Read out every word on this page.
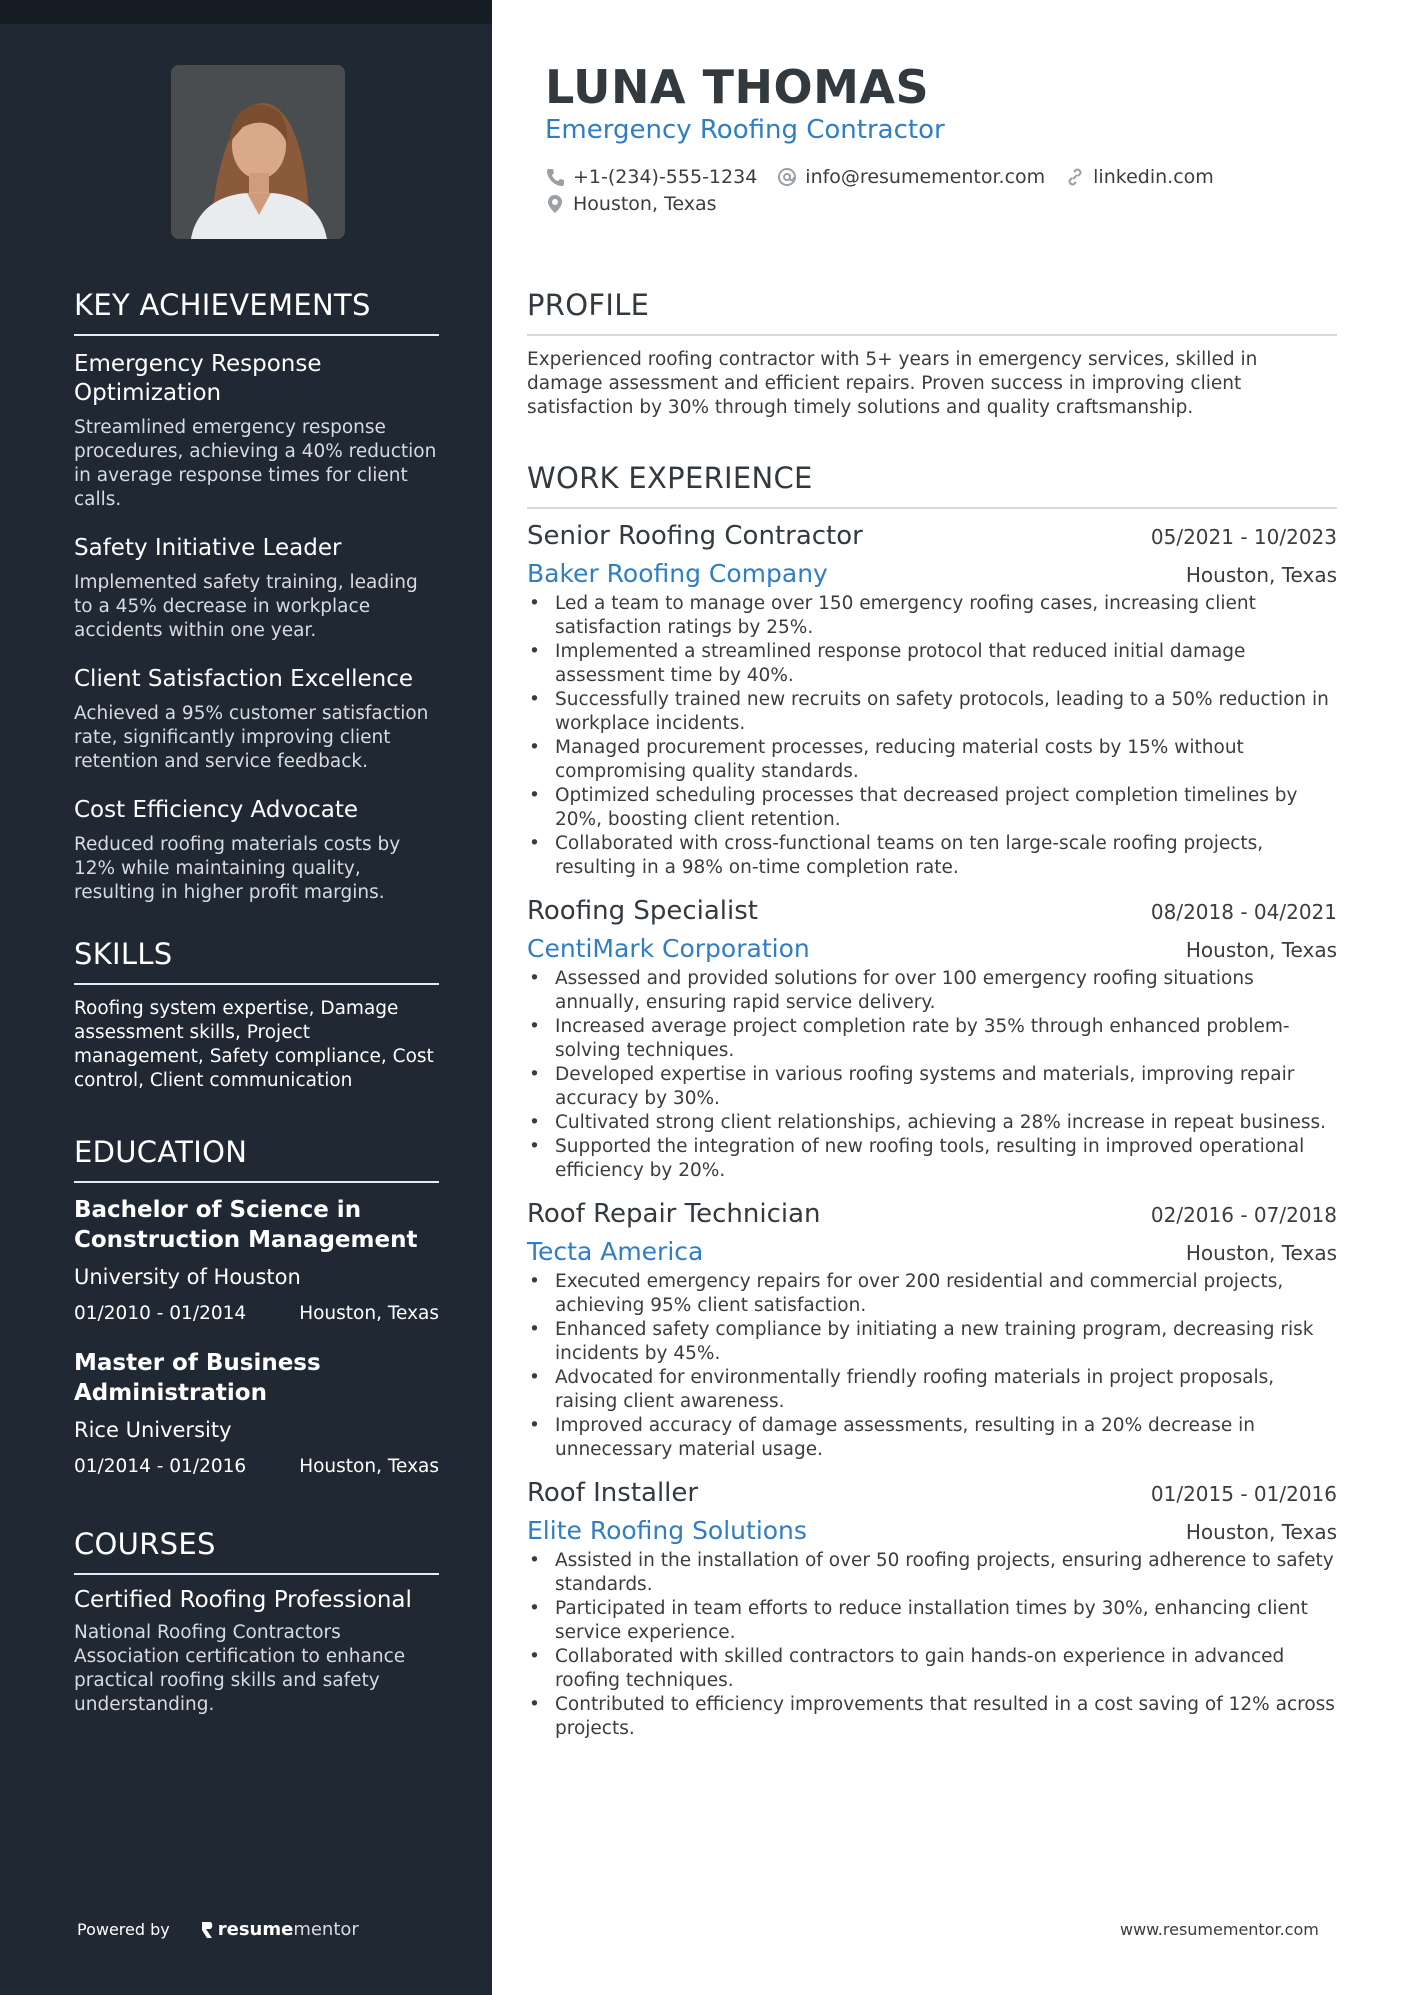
KEY ACHIEVEMENTS
Emergency Response Optimization
Streamlined emergency response procedures, achieving a 40% reduction in average response times for client calls.
Safety Initiative Leader
Implemented safety training, leading to a 45% decrease in workplace accidents within one year.
Client Satisfaction Excellence
Achieved a 95% customer satisfaction rate, significantly improving client retention and service feedback.
Cost Efficiency Advocate
Reduced roofing materials costs by 12% while maintaining quality, resulting in higher profit margins.
SKILLS
Roofing system expertise, Damage assessment skills, Project management, Safety compliance, Cost control, Client communication
EDUCATION
Bachelor of Science in Construction Management
University of Houston
01/2010 - 01/2014	Houston, Texas
Master of Business Administration
Rice University
01/2014 - 01/2016	Houston, Texas
COURSES
Certified Roofing Professional
National Roofing Contractors Association certification to enhance practical roofing skills and safety understanding.
Powered by	resume mentor
LUNA THOMAS
Emergency Roofing Contractor
+1-(234)-555-1234	info@resumementor.com	linkedin.com
Houston, Texas
PROFILE
Experienced roofing contractor with 5+ years in emergency services, skilled in damage assessment and efficient repairs. Proven success in improving client satisfaction by 30% through timely solutions and quality craftsmanship.
WORK EXPERIENCE
Senior Roofing Contractor	05/2021 - 10/2023
Baker Roofing Company	Houston, Texas
• Led a team to manage over 150 emergency roofing cases, increasing client satisfaction ratings by 25%.
• Implemented a streamlined response protocol that reduced initial damage assessment time by 40%.
• Successfully trained new recruits on safety protocols, leading to a 50% reduction in workplace incidents.
• Managed procurement processes, reducing material costs by 15% without compromising quality standards.
• Optimized scheduling processes that decreased project completion timelines by 20%, boosting client retention.
• Collaborated with cross-functional teams on ten large-scale roofing projects, resulting in a 98% on-time completion rate.
Roofing Specialist	08/2018 - 04/2021
CentiMark Corporation	Houston, Texas
• Assessed and provided solutions for over 100 emergency roofing situations annually, ensuring rapid service delivery.
• Increased average project completion rate by 35% through enhanced problem-solving techniques.
• Developed expertise in various roofing systems and materials, improving repair accuracy by 30%.
• Cultivated strong client relationships, achieving a 28% increase in repeat business.
• Supported the integration of new roofing tools, resulting in improved operational efficiency by 20%.
Roof Repair Technician	02/2016 - 07/2018
Tecta America	Houston, Texas
• Executed emergency repairs for over 200 residential and commercial projects, achieving 95% client satisfaction.
• Enhanced safety compliance by initiating a new training program, decreasing risk incidents by 45%.
• Advocated for environmentally friendly roofing materials in project proposals, raising client awareness.
• Improved accuracy of damage assessments, resulting in a 20% decrease in unnecessary material usage.
Roof Installer	01/2015 - 01/2016
Elite Roofing Solutions	Houston, Texas
• Assisted in the installation of over 50 roofing projects, ensuring adherence to safety standards.
• Participated in team efforts to reduce installation times by 30%, enhancing client service experience.
• Collaborated with skilled contractors to gain hands-on experience in advanced roofing techniques.
• Contributed to efficiency improvements that resulted in a cost saving of 12% across projects.
www.resumementor.com
